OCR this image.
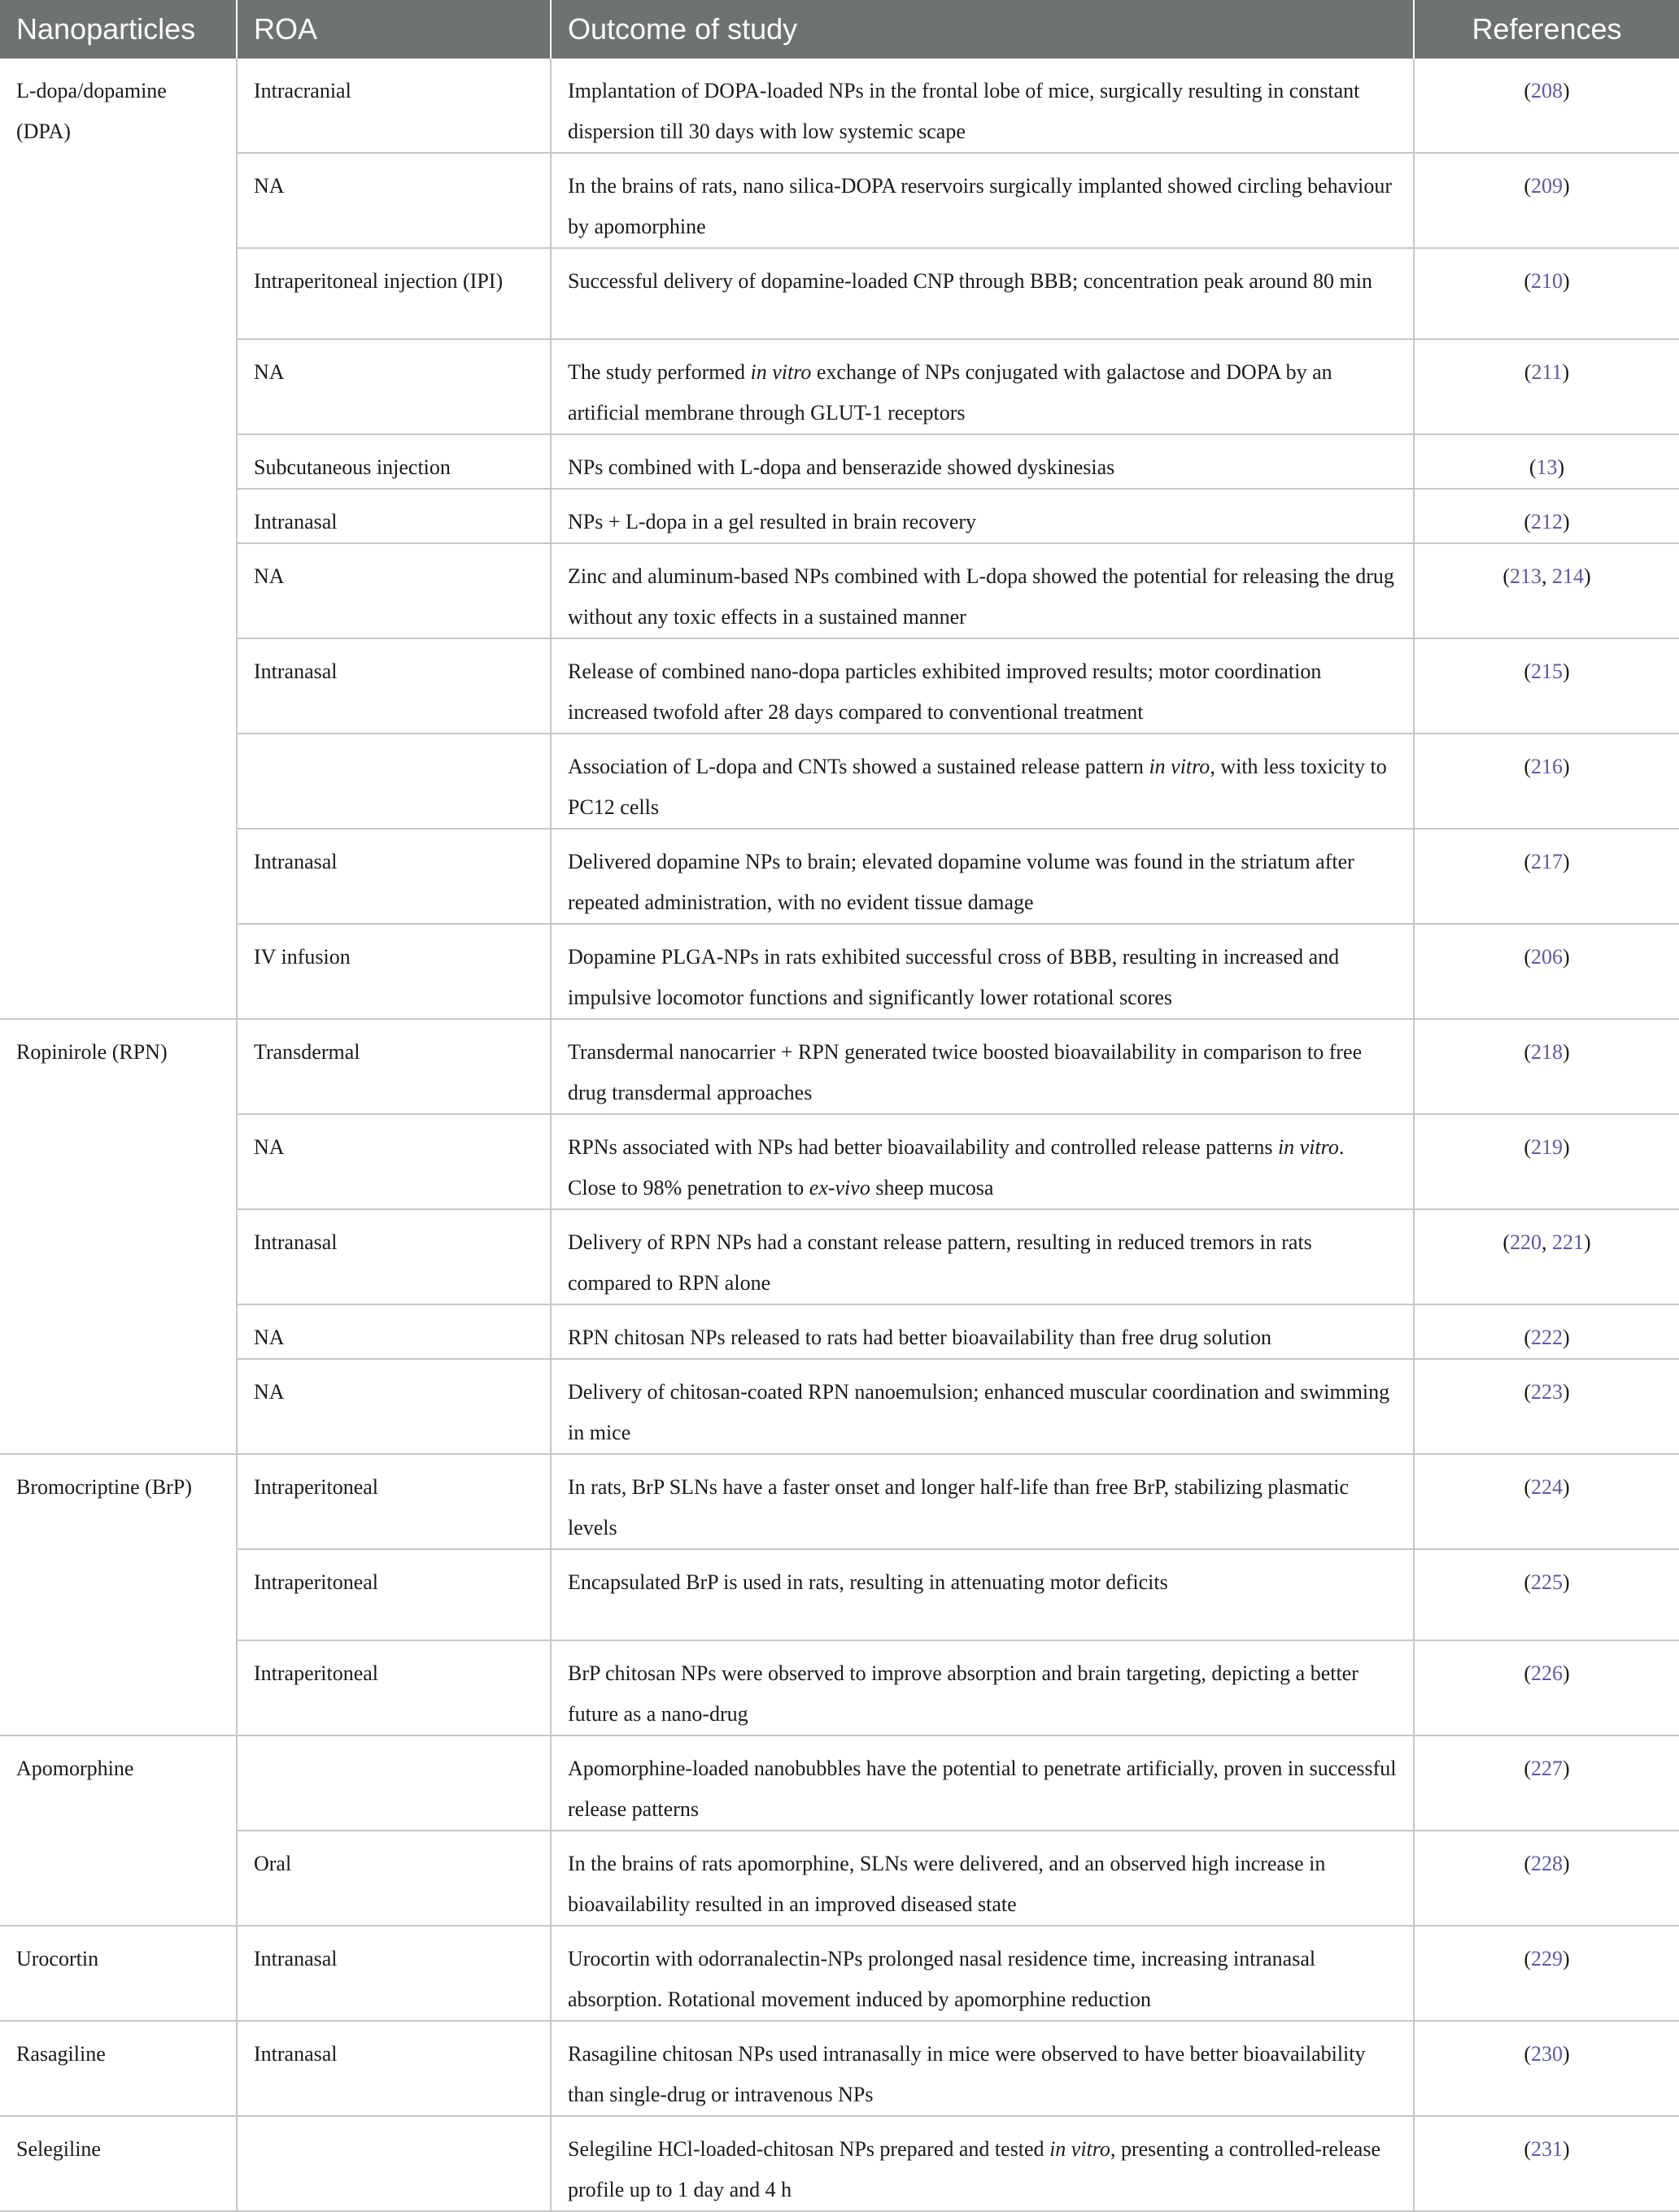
Nanoparticles	ROA	Outcome of study	References
L-dopa/dopamine
(DPA)	Intracranial	Implantation of DOPA-loaded NPs in the frontal lobe of mice, surgically resulting in constant dispersion till 30 days with low systemic scape	(208)
	NA	In the brains of rats, nano silica-DOPA reservoirs surgically implanted showed circling behaviour by apomorphine	(209)
	Intraperitoneal injection (IPI)	Successful delivery of dopamine-loaded CNP through BBB; concentration peak around 80 min	(210)
	NA	The study performed in vitro exchange of NPs conjugated with galactose and DOPA by an artificial membrane through GLUT-1 receptors	(211)
	Subcutaneous injection	NPs combined with L-dopa and benserazide showed dyskinesias	(13)
	Intranasal	NPs + L-dopa in a gel resulted in brain recovery	(212)
	NA	Zinc and aluminum-based NPs combined with L-dopa showed the potential for releasing the drug without any toxic effects in a sustained manner	(213, 214)
	Intranasal	Release of combined nano-dopa particles exhibited improved results; motor coordination increased twofold after 28 days compared to conventional treatment	(215)
		Association of L-dopa and CNTs showed a sustained release pattern in vitro, with less toxicity to PC12 cells	(216)
	Intranasal	Delivered dopamine NPs to brain; elevated dopamine volume was found in the striatum after repeated administration, with no evident tissue damage	(217)
	IV infusion	Dopamine PLGA-NPs in rats exhibited successful cross of BBB, resulting in increased and impulsive locomotor functions and significantly lower rotational scores	(206)
Ropinirole (RPN)	Transdermal	Transdermal nanocarrier + RPN generated twice boosted bioavailability in comparison to free drug transdermal approaches	(218)
	NA	RPNs associated with NPs had better bioavailability and controlled release patterns in vitro. Close to 98% penetration to ex-vivo sheep mucosa	(219)
	Intranasal	Delivery of RPN NPs had a constant release pattern, resulting in reduced tremors in rats compared to RPN alone	(220, 221)
	NA	RPN chitosan NPs released to rats had better bioavailability than free drug solution	(222)
	NA	Delivery of chitosan-coated RPN nanoemulsion; enhanced muscular coordination and swimming in mice	(223)
Bromocriptine (BrP)	Intraperitoneal	In rats, BrP SLNs have a faster onset and longer half-life than free BrP, stabilizing plasmatic levels	(224)
	Intraperitoneal	Encapsulated BrP is used in rats, resulting in attenuating motor deficits	(225)
	Intraperitoneal	BrP chitosan NPs were observed to improve absorption and brain targeting, depicting a better future as a nano-drug	(226)
Apomorphine		Apomorphine-loaded nanobubbles have the potential to penetrate artificially, proven in successful release patterns	(227)
	Oral	In the brains of rats apomorphine, SLNs were delivered, and an observed high increase in bioavailability resulted in an improved diseased state	(228)
Urocortin	Intranasal	Urocortin with odorranalectin-NPs prolonged nasal residence time, increasing intranasal absorption. Rotational movement induced by apomorphine reduction	(229)
Rasagiline	Intranasal	Rasagiline chitosan NPs used intranasally in mice were observed to have better bioavailability than single-drug or intravenous NPs	(230)
Selegiline		Selegiline HCl-loaded-chitosan NPs prepared and tested in vitro, presenting a controlled-release profile up to 1 day and 4 h	(231)
